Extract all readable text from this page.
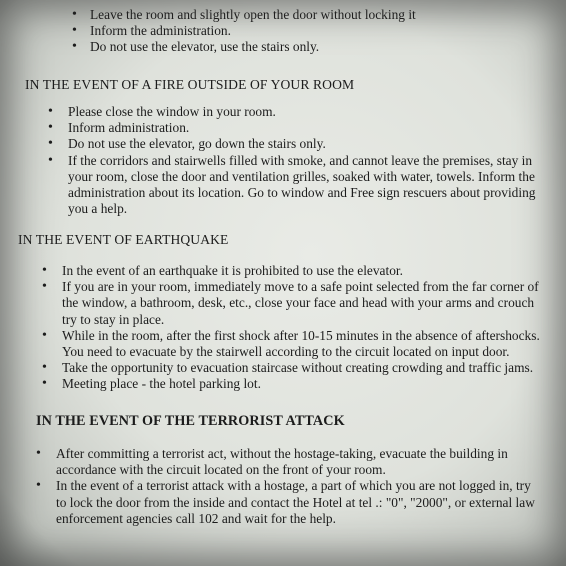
• Leave the room and slightly open the door without locking it
• Inform the administration.
• Do not use the elevator, use the stairs only.
IN THE EVENT OF A FIRE OUTSIDE OF YOUR ROOM
• Please close the window in your room.
• Inform administration.
• Do not use the elevator, go down the stairs only.
• If the corridors and stairwells filled with smoke, and cannot leave the premises, stay in your room, close the door and ventilation grilles, soaked with water, towels. Inform the administration about its location. Go to window and Free sign rescuers about providing you a help.
IN THE EVENT OF EARTHQUAKE
• In the event of an earthquake it is prohibited to use the elevator.
• If you are in your room, immediately move to a safe point selected from the far corner of the window, a bathroom, desk, etc., close your face and head with your arms and crouch try to stay in place.
• While in the room, after the first shock after 10-15 minutes in the absence of aftershocks. You need to evacuate by the stairwell according to the circuit located on input door.
• Take the opportunity to evacuation staircase without creating crowding and traffic jams.
• Meeting place - the hotel parking lot.
IN THE EVENT OF THE TERRORIST ATTACK
• After committing a terrorist act, without the hostage-taking, evacuate the building in accordance with the circuit located on the front of your room.
• In the event of a terrorist attack with a hostage, a part of which you are not logged in, try to lock the door from the inside and contact the Hotel at tel .: "0", "2000", or external law enforcement agencies call 102 and wait for the help.
